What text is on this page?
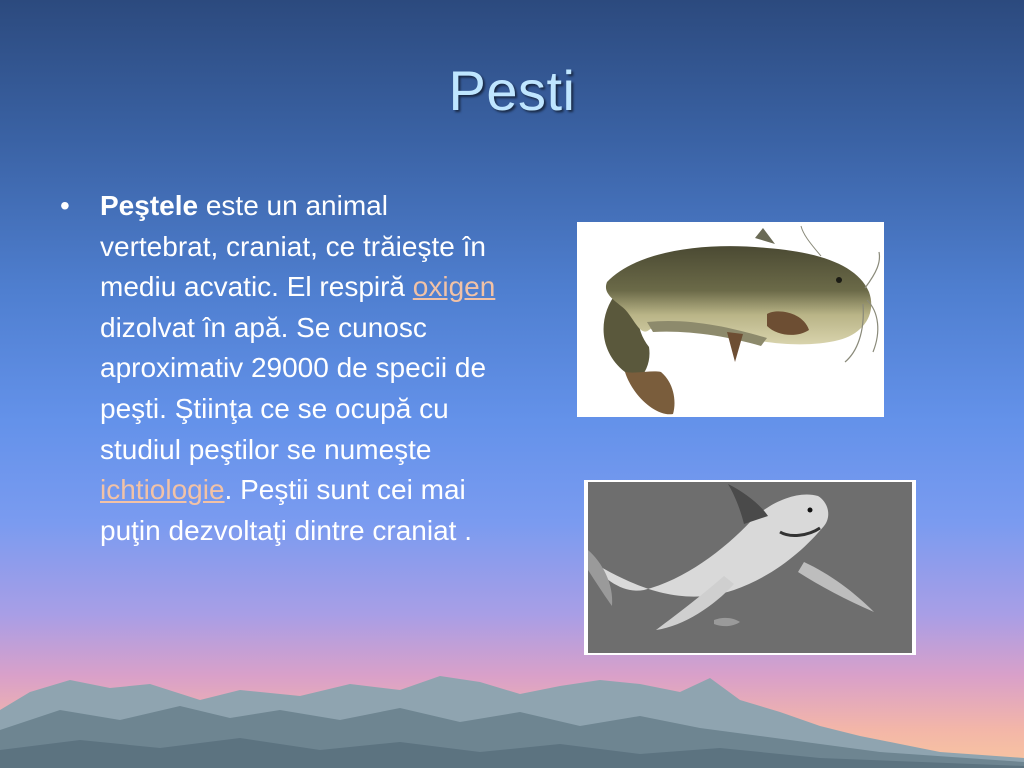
Pesti
• Peştele este un animal vertebrat, craniat, ce trăieşte în mediu acvatic. El respiră oxigen dizolvat în apă. Se cunosc aproximativ 29000 de specii de peşti. Ştiinţa ce se ocupă cu studiul peştilor se numeşte ichtiologie. Peştii sunt cei mai puţin dezvoltaţi dintre craniat .
